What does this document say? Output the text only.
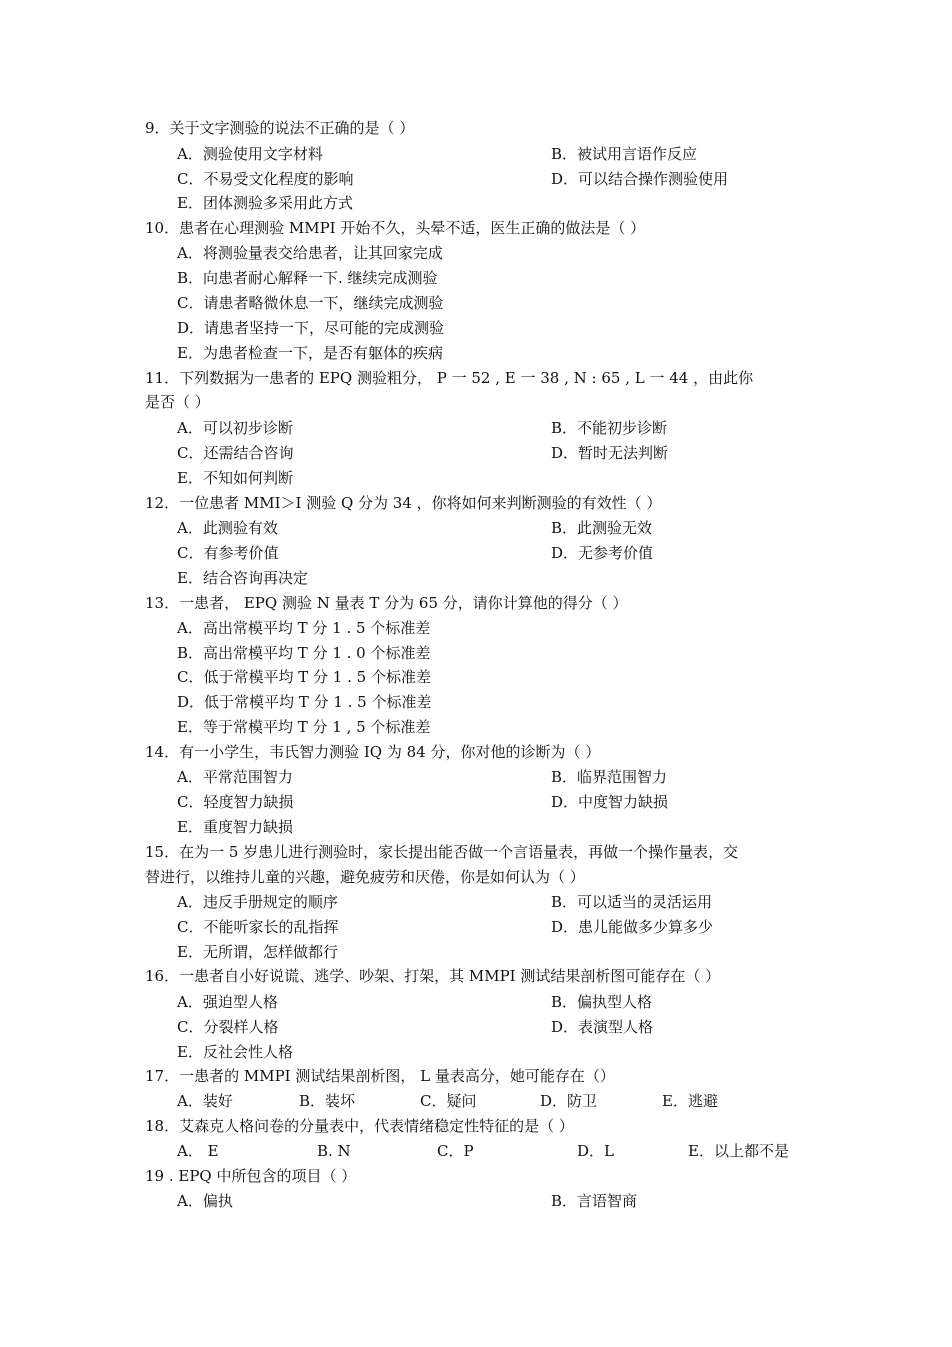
9．关于文字测验的说法不正确的是（ ）
A．测验使用文字材料	B．被试用言语作反应
C．不易受文化程度的影响	D．可以结合操作测验使用
E．团体测验多采用此方式
10．患者在心理测验 MMPI 开始不久，头晕不适，医生正确的做法是（ ）
A．将测验量表交给患者，让其回家完成
B．向患者耐心解释一下. 继续完成测验
C．请患者略微休息一下，继续完成测验
D．请患者坚持一下，尽可能的完成测验
E．为患者检查一下，是否有躯体的疾病
11．下列数据为一患者的 EPQ 测验粗分， P 一 52 , E 一 38 , N : 65 , L 一 44 ，由此你
是否（ ）
A．可以初步诊断	B．不能初步诊断
C．还需结合咨询	D．暂时无法判断
E．不知如何判断
12．一位患者 MMI＞I 测验 Q 分为 34 ，你将如何来判断测验的有效性（ ）
A．此测验有效	B．此测验无效
C．有参考价值	D．无参考价值
E．结合咨询再决定
13．一患者， EPQ 测验 N 量表 T 分为 65 分，请你计算他的得分（ ）
A．高出常模平均 T 分 1 . 5 个标准差
B．高出常模平均 T 分 1 . 0 个标准差
C．低于常模平均 T 分 1 . 5 个标准差
D．低于常模平均 T 分 1 . 5 个标准差
E．等于常模平均 T 分 1 , 5 个标准差
14．有一小学生，韦氏智力测验 IQ 为 84 分，你对他的诊断为（ ）
A．平常范围智力	B．临界范围智力
C．轻度智力缺损	D．中度智力缺损
E．重度智力缺损
15．在为一 5 岁患儿进行测验时，家长提出能否做一个言语量表，再做一个操作量表，交
替进行，以维持儿童的兴趣，避免疲劳和厌倦，你是如何认为（ ）
A．违反手册规定的顺序	B．可以适当的灵活运用
C．不能听家长的乱指挥	D．患儿能做多少算多少
E．无所谓，怎样做都行
16．一患者自小好说谎、逃学、吵架、打架，其 MMPI 测试结果剖析图可能存在（ ）
A．强迫型人格	B．偏执型人格
C．分裂样人格	D．表演型人格
E．反社会性人格
17．一患者的 MMPI 测试结果剖析图， L 量表高分，她可能存在（）
A．装好	B．装坏	C．疑问	D．防卫	E．逃避
18．艾森克人格问卷的分量表中，代表情绪稳定性特征的是（ ）
A． E	B. N	C．P	D．L	E．以上都不是
19 . EPQ 中所包含的项目（ ）
A．偏执	B．言语智商
